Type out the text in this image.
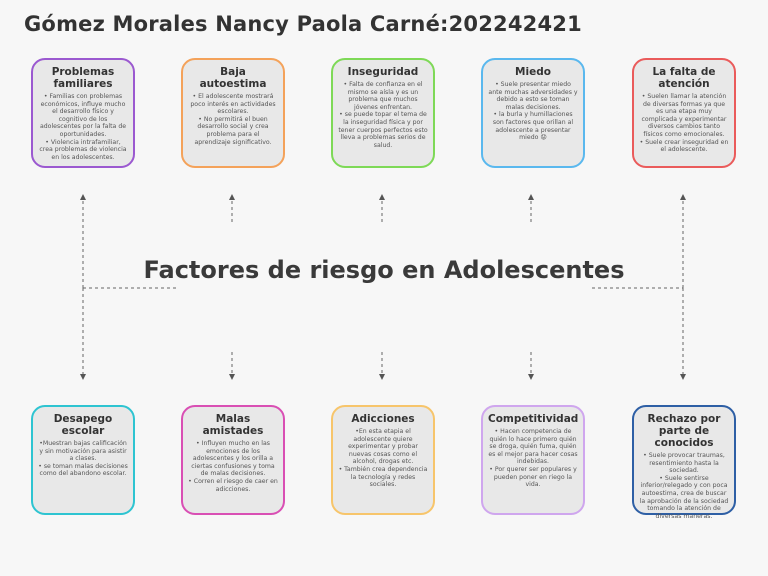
Gómez Morales Nancy Paola Carné:202242421
Factores de riesgo en Adolescentes
Problemas familiares
• Familias con problemas económicos, influye mucho el desarrollo físico y cognitivo de los adolescentes por la falta de oportunidades.
• Violencia intrafamiliar, crea problemas de violencia en los adolescentes.
Baja autoestima
• El adolescente mostrará poco interés en actividades escolares.
• No permitirá el buen desarrollo social y crea problema para el aprendizaje significativo.
Inseguridad
• Falta de confianza en el mismo se aísla y es un problema que muchos jóvenes enfrentan.
• se puede topar el tema de la inseguridad física y por tener cuerpos perfectos esto lleva a problemas serios de salud.
Miedo
• Suele presentar miedo ante muchas adversidades y debido a esto se toman malas decisiones.
• la burla y humillaciones son factores que orillan al adolescente a presentar miedo 😟
La falta de atención
• Suelen llamar la atención de diversas formas ya que es una etapa muy complicada y experimentar diversos cambios tanto físicos como emocionales.
• Suele crear inseguridad en el adolescente.
Desapego escolar
•Muestran bajas calificación y sin motivación para asistir a clases.
• se toman malas decisiones como del abandono escolar.
Malas amistades
• Influyen mucho en las emociones de los adolescentes y los orilla a ciertas confusiones y toma de malas decisiones.
• Corren el riesgo de caer en adicciones.
Adicciones
•En esta etapia el adolescente quiere experimentar y probar nuevas cosas como el alcohol, drogas etc.
• También crea dependencia la tecnología y redes sociales.
Competitividad
• Hacen competencia de quién lo hace primero quién se droga, quién fuma, quién es el mejor para hacer cosas indebidas.
• Por querer ser populares y pueden poner en riego la vida.
Rechazo por parte de conocidos
• Suele provocar traumas, resentimiento hasta la sociedad.
• Suele sentirse inferior/relegado y con poca autoestima, crea de buscar la aprobación de la sociedad tomando la atención de diversas maneras.
